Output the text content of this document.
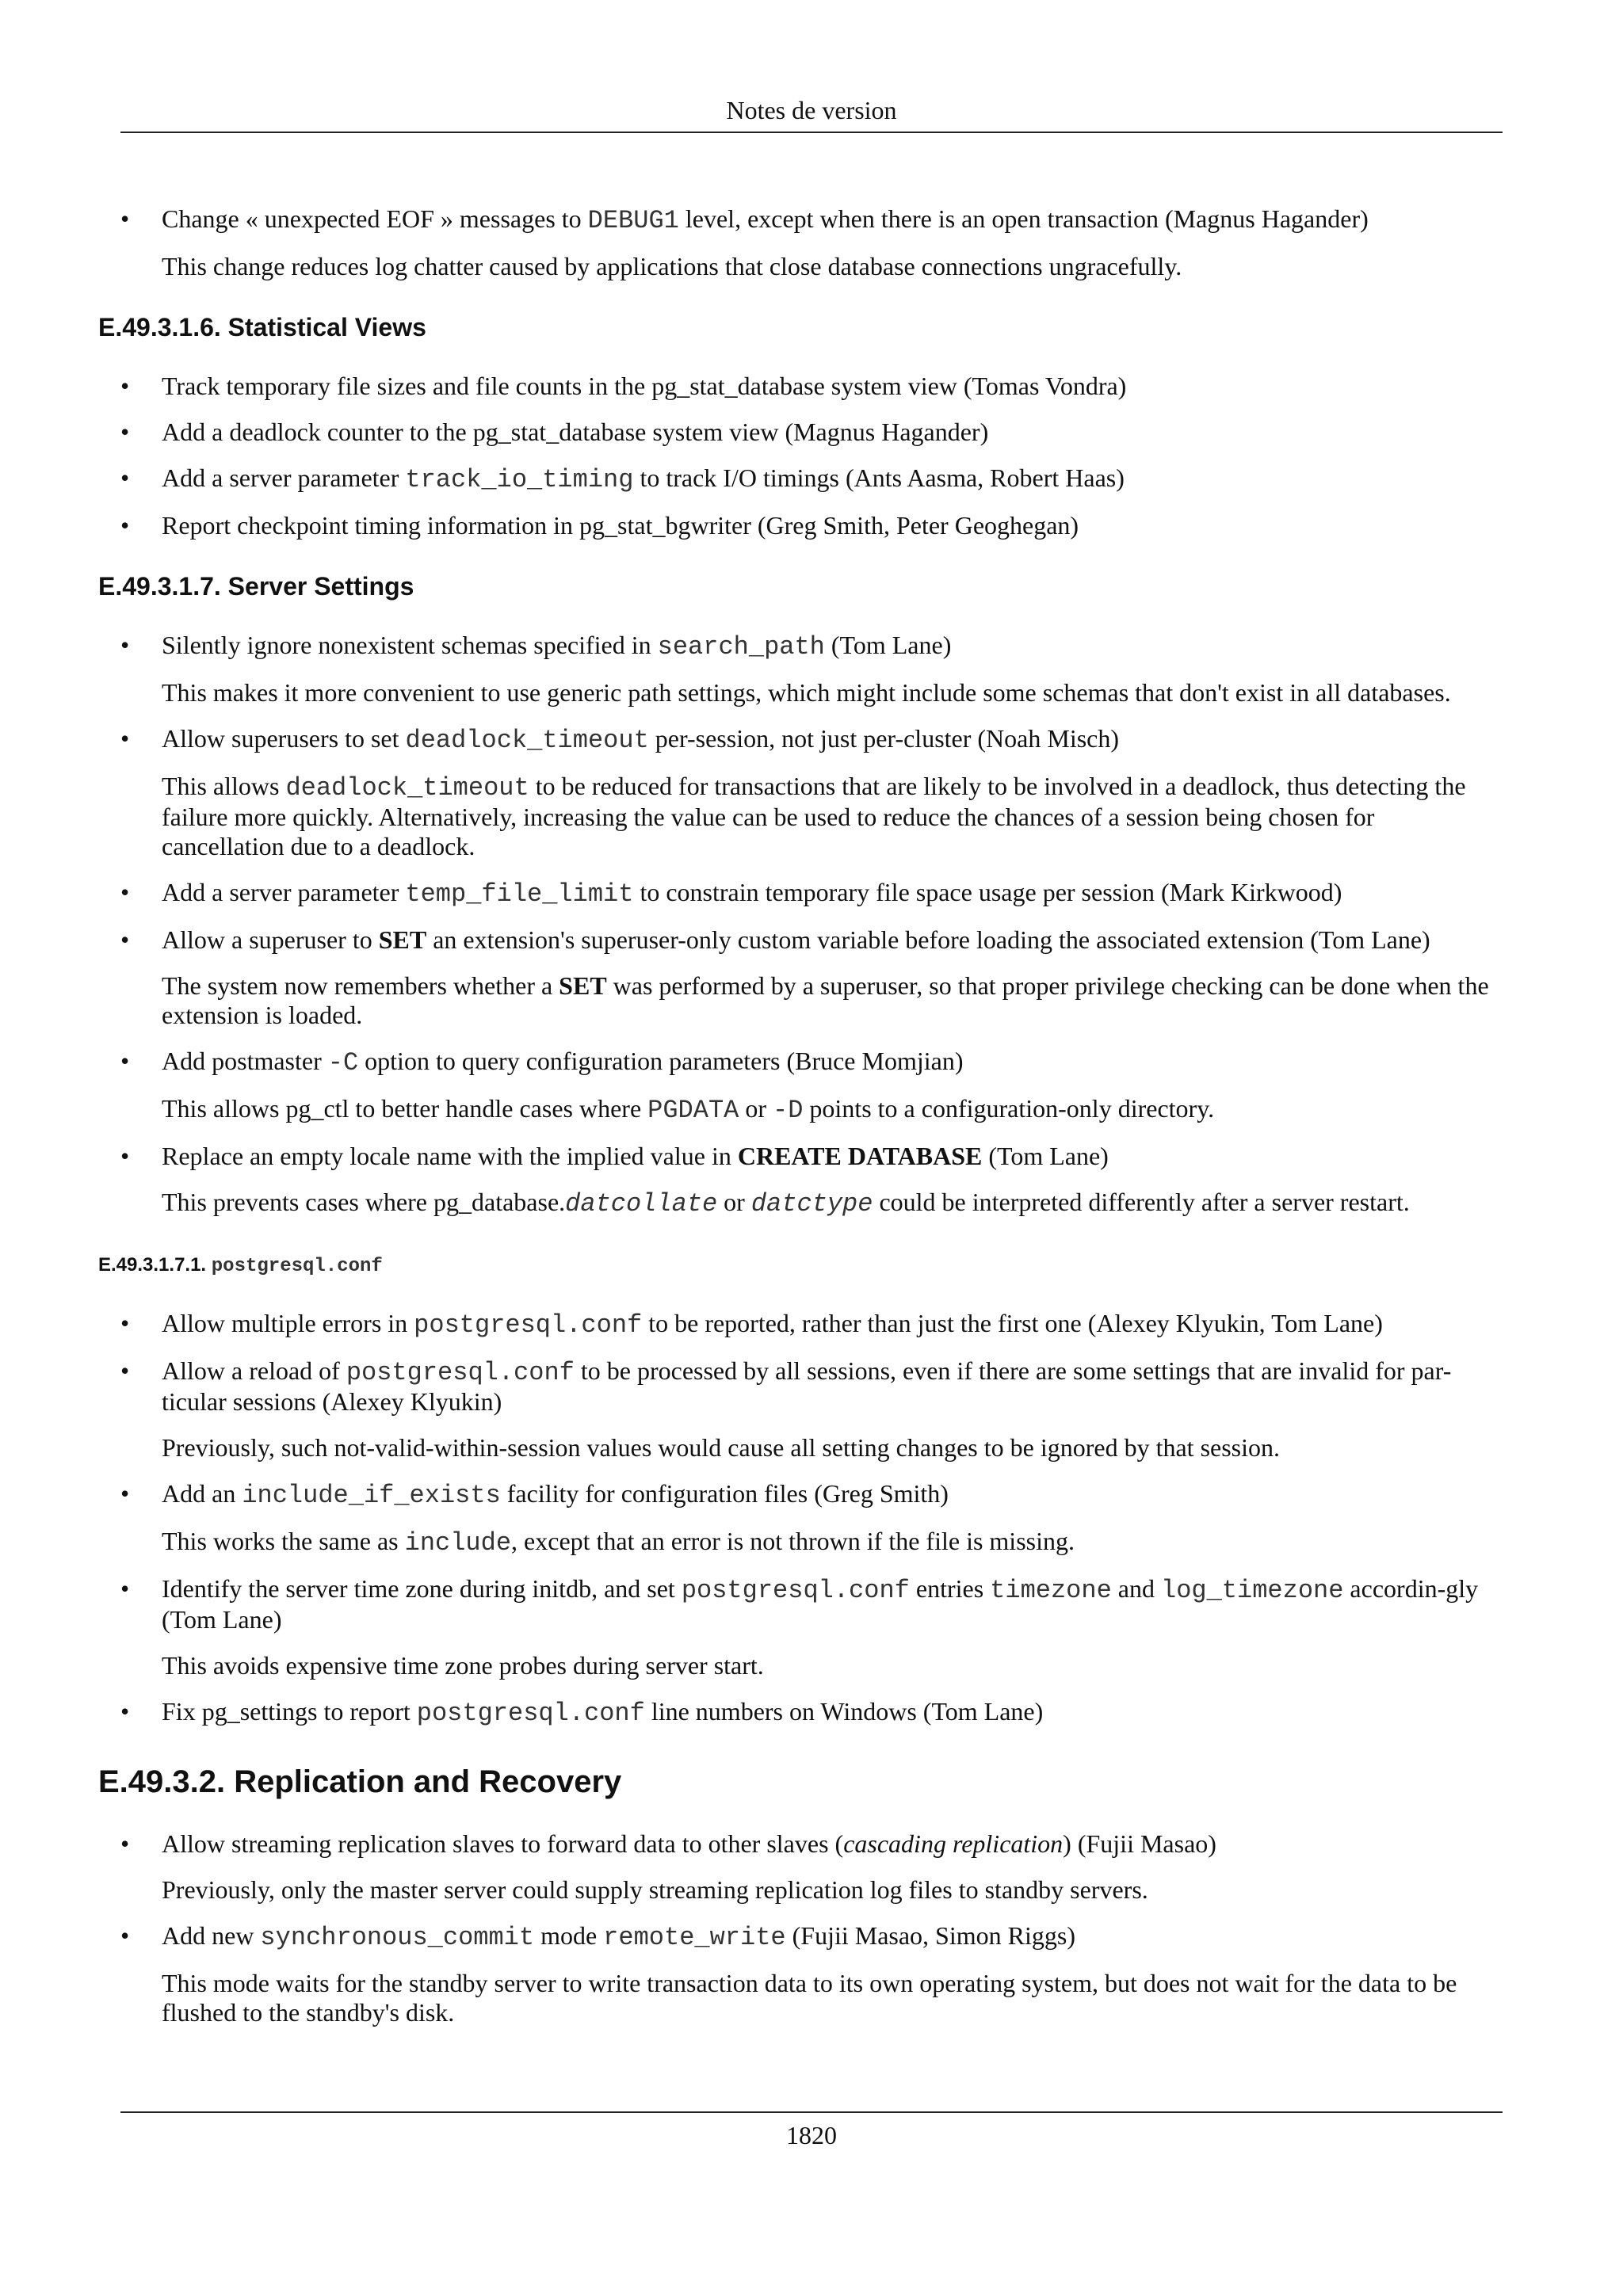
Notes de version
• Change « unexpected EOF » messages to DEBUG1 level, except when there is an open transaction (Magnus Hagander)

This change reduces log chatter caused by applications that close database connections ungracefully.

E.49.3.1.6. Statistical Views
• Track temporary file sizes and file counts in the pg_stat_database system view (Tomas Vondra)

• Add a deadlock counter to the pg_stat_database system view (Magnus Hagander)

• Add a server parameter track_io_timing to track I/O timings (Ants Aasma, Robert Haas)

• Report checkpoint timing information in pg_stat_bgwriter (Greg Smith, Peter Geoghegan)

E.49.3.1.7. Server Settings
• Silently ignore nonexistent schemas specified in search_path (Tom Lane)

This makes it more convenient to use generic path settings, which might include some schemas that don't exist in all databases.

• Allow superusers to set deadlock_timeout per-session, not just per-cluster (Noah Misch)

This allows deadlock_timeout to be reduced for transactions that are likely to be involved in a deadlock, thus detecting the failure more quickly. Alternatively, increasing the value can be used to reduce the chances of a session being chosen for cancellation due to a deadlock.

• Add a server parameter temp_file_limit to constrain temporary file space usage per session (Mark Kirkwood)

• Allow a superuser to SET an extension's superuser-only custom variable before loading the associated extension (Tom Lane)

The system now remembers whether a SET was performed by a superuser, so that proper privilege checking can be done when the extension is loaded.

• Add postmaster -C option to query configuration parameters (Bruce Momjian)

This allows pg_ctl to better handle cases where PGDATA or -D points to a configuration-only directory.

• Replace an empty locale name with the implied value in CREATE DATABASE (Tom Lane)

This prevents cases where pg_database.datcollate or datctype could be interpreted differently after a server restart.

E.49.3.1.7.1. postgresql.conf
• Allow multiple errors in postgresql.conf to be reported, rather than just the first one (Alexey Klyukin, Tom Lane)

• Allow a reload of postgresql.conf to be processed by all sessions, even if there are some settings that are invalid for par-ticular sessions (Alexey Klyukin)

Previously, such not-valid-within-session values would cause all setting changes to be ignored by that session.

• Add an include_if_exists facility for configuration files (Greg Smith)

This works the same as include, except that an error is not thrown if the file is missing.

• Identify the server time zone during initdb, and set postgresql.conf entries timezone and log_timezone accordin-gly (Tom Lane)

This avoids expensive time zone probes during server start.

• Fix pg_settings to report postgresql.conf line numbers on Windows (Tom Lane)

E.49.3.2. Replication and Recovery
• Allow streaming replication slaves to forward data to other slaves (cascading replication) (Fujii Masao)

Previously, only the master server could supply streaming replication log files to standby servers.

• Add new synchronous_commit mode remote_write (Fujii Masao, Simon Riggs)

This mode waits for the standby server to write transaction data to its own operating system, but does not wait for the data to be flushed to the standby's disk.

1820
